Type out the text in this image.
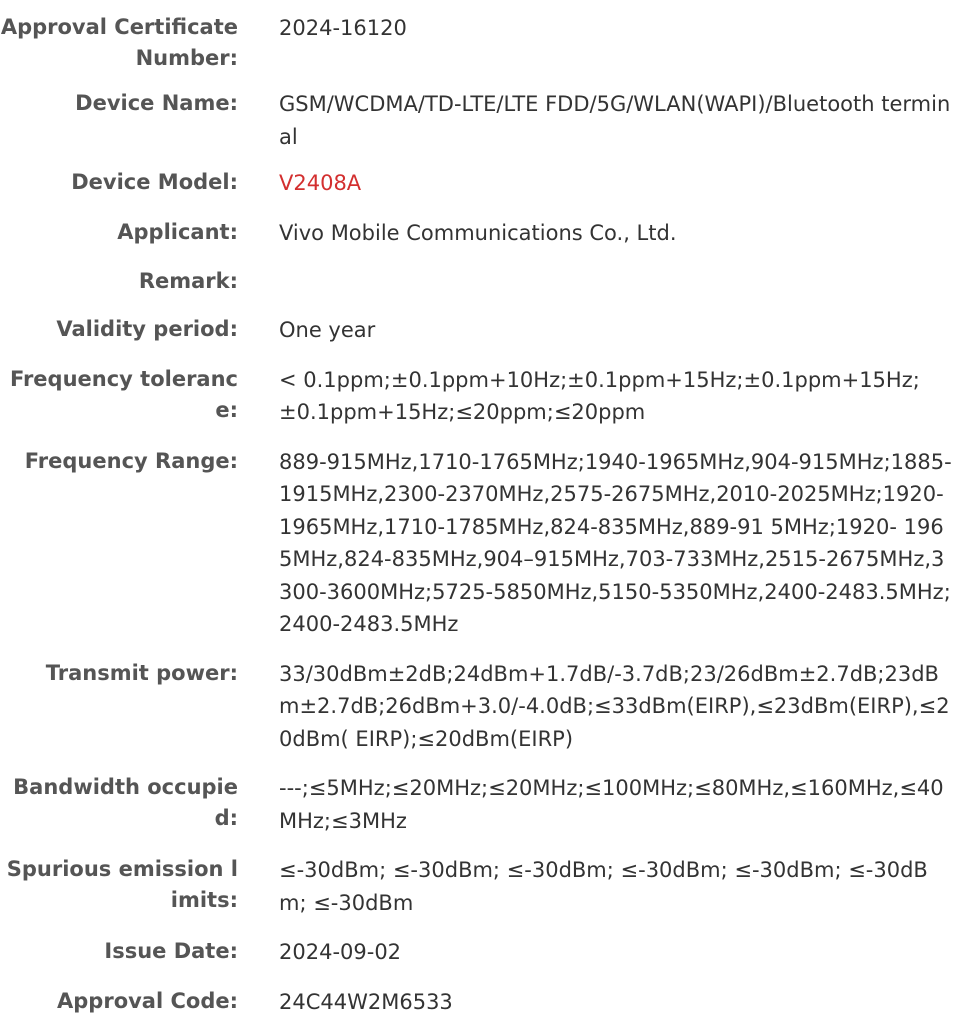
Approval Certificate Number:
2024-16120
Device Name: GSM/WCDMA/TD-LTE/LTE FDD/5G/WLAN(WAPI)/Bluetooth terminal
Device Model: V2408A
Applicant: Vivo Mobile Communications Co., Ltd.
Remark:
Validity period: One year
Frequency tolerance:
< 0.1ppm;±0.1ppm+10Hz;±0.1ppm+15Hz;±0.1ppm+15Hz;±0.1ppm+15Hz;≤20ppm;≤20ppm
Frequency Range: 889-915MHz,1710-1765MHz;1940-1965MHz,904-915MHz;1885-1915MHz,2300-2370MHz,2575-2675MHz,2010-2025MHz;1920-1965MHz,1710-1785MHz,824-835MHz,889-91 5MHz;1920- 1965MHz,824-835MHz,904–915MHz,703-733MHz,2515-2675MHz,3300-3600MHz;5725-5850MHz,5150-5350MHz,2400-2483.5MHz;2400-2483.5MHz
Transmit power: 33/30dBm±2dB;24dBm+1.7dB/-3.7dB;23/26dBm±2.7dB;23dBm±2.7dB;26dBm+3.0/-4.0dB;≤33dBm(EIRP),≤23dBm(EIRP),≤20dBm( EIRP);≤20dBm(EIRP)
Bandwidth occupied:
---;≤5MHz;≤20MHz;≤20MHz;≤100MHz;≤80MHz,≤160MHz,≤40MHz;≤3MHz
Spurious emission limits:
≤-30dBm; ≤-30dBm; ≤-30dBm; ≤-30dBm; ≤-30dBm; ≤-30dBm; ≤-30dBm
Issue Date: 2024-09-02
Approval Code: 24C44W2M6533
